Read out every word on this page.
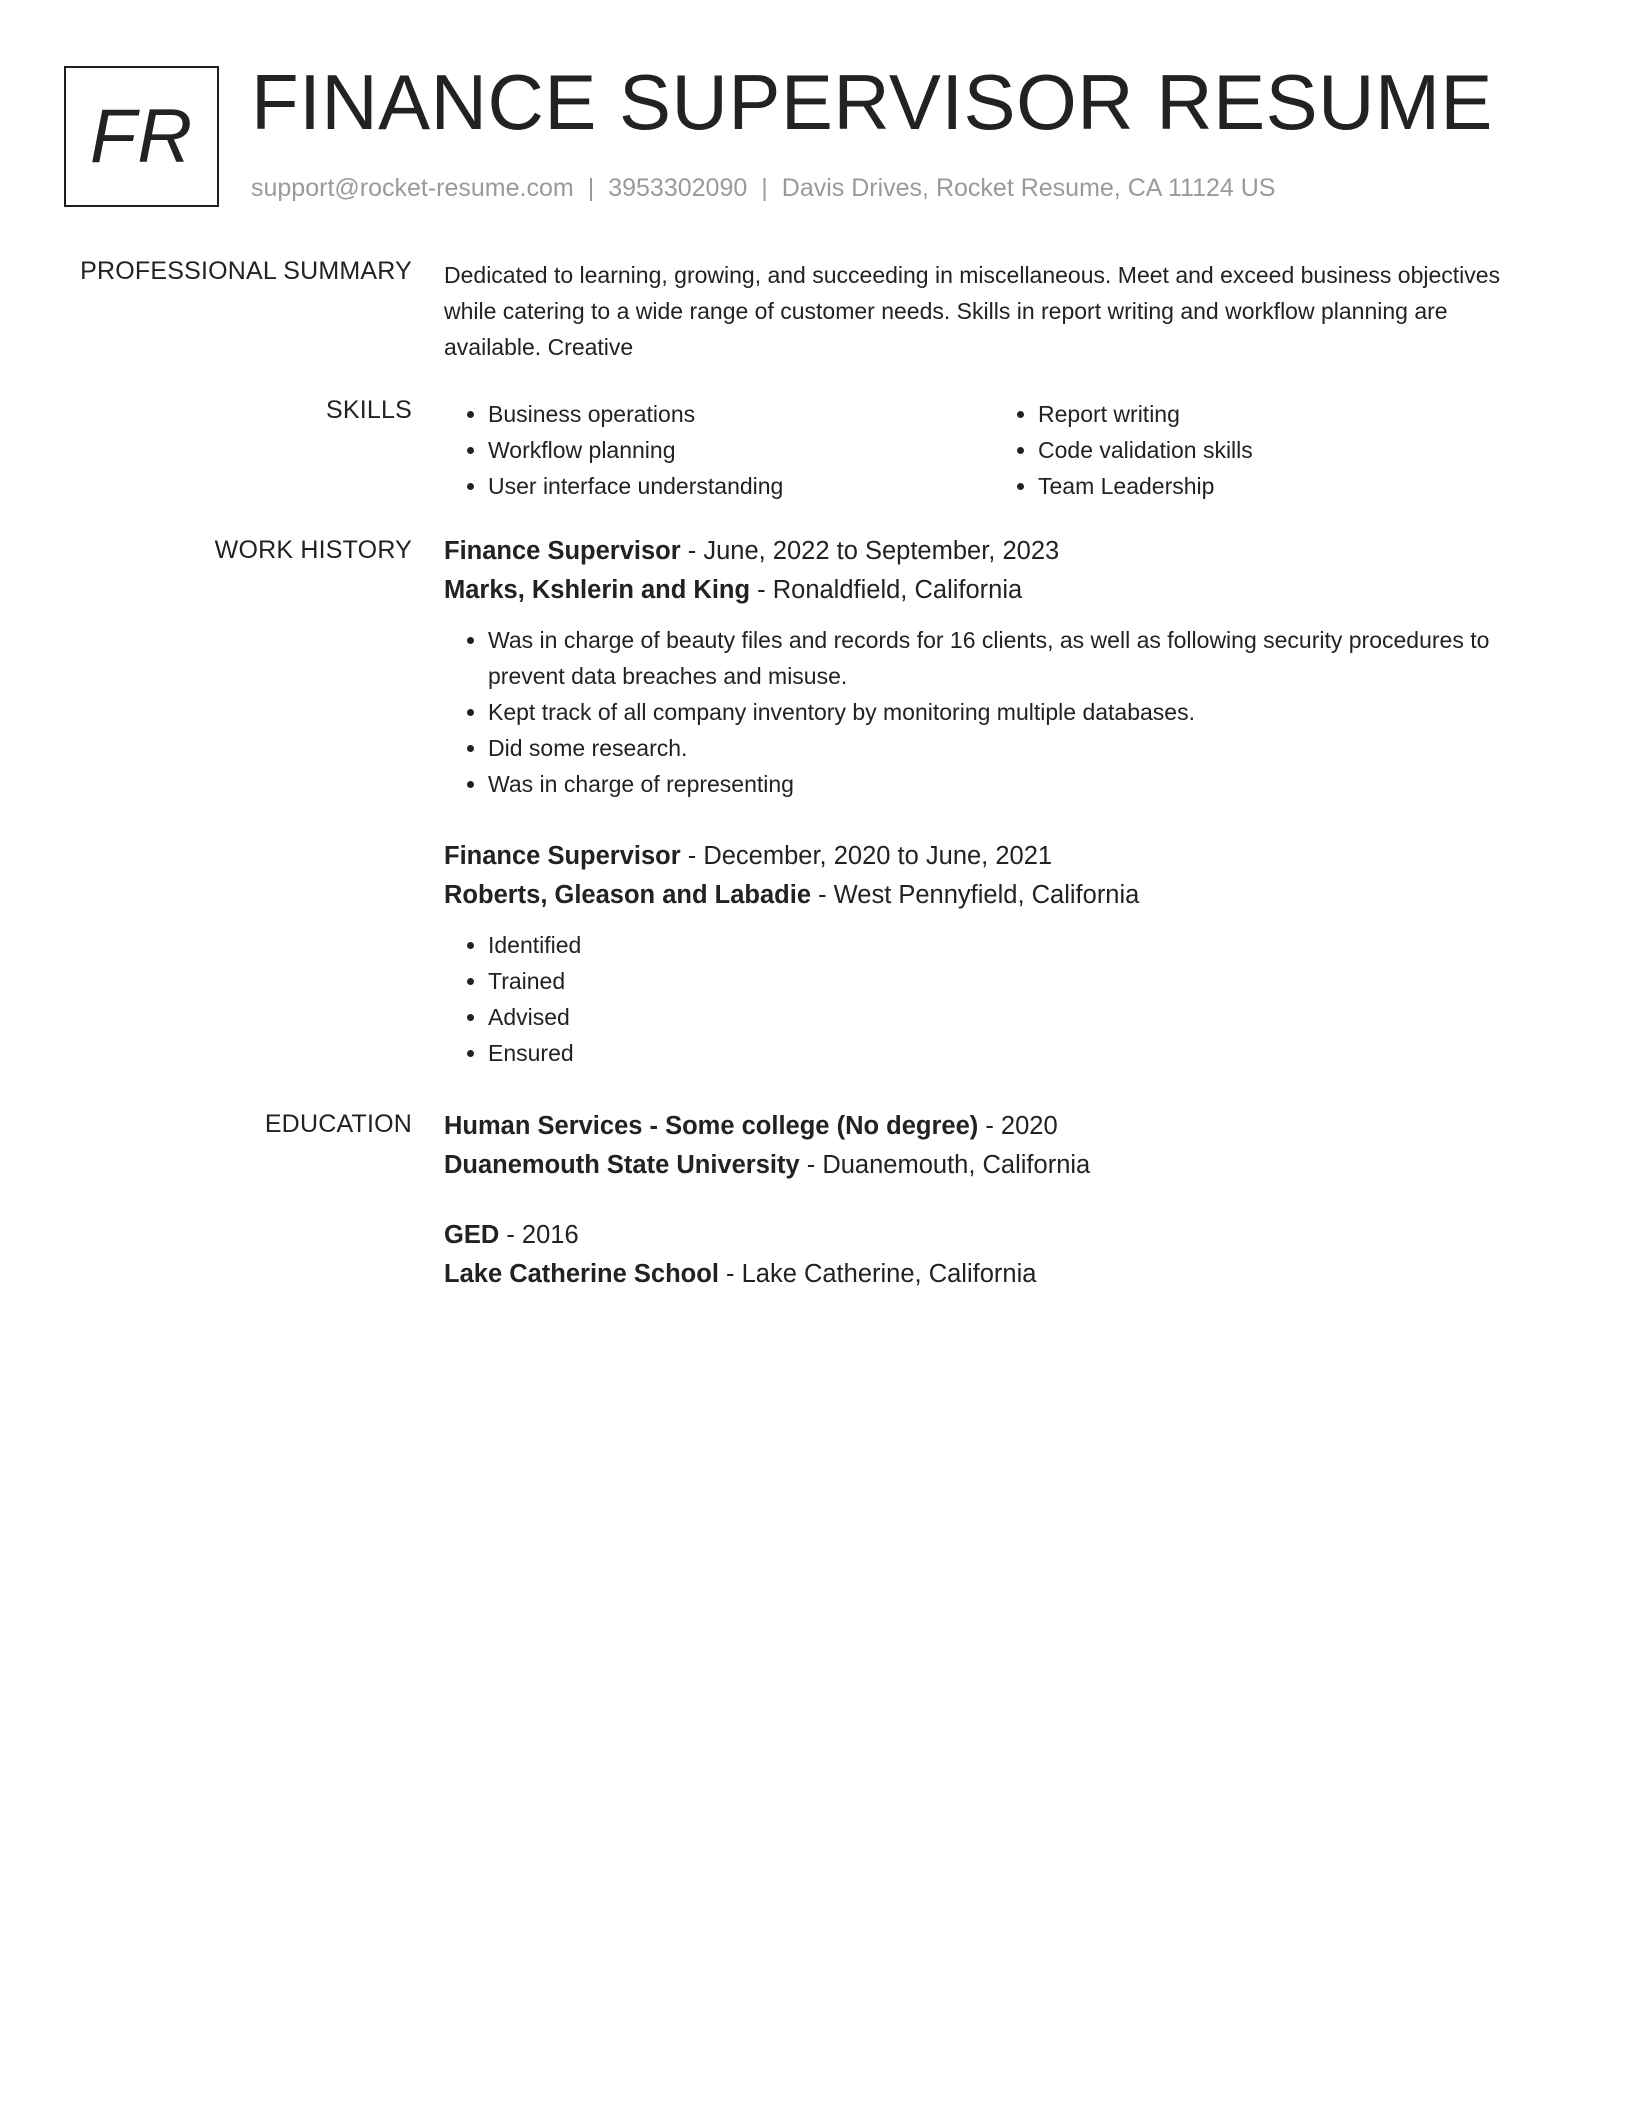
FR FINANCE SUPERVISOR RESUME
support@rocket-resume.com | 3953302090 | Davis Drives, Rocket Resume, CA 11124 US
PROFESSIONAL SUMMARY Dedicated to learning, growing, and succeeding in miscellaneous. Meet and exceed business objectives while catering to a wide range of customer needs. Skills in report writing and workflow planning are available. Creative
SKILLS
•	Business operations
• Workflow planning
• User interface understanding
• Report writing
• Code validation skills
• Team Leadership
WORK HISTORY Finance Supervisor - June, 2022 to September, 2023
Marks, Kshlerin and King - Ronaldfield, California
• Was in charge of beauty files and records for 16 clients, as well as following security procedures to prevent data breaches and misuse.
• Kept track of all company inventory by monitoring multiple databases.
• Did some research.
• Was in charge of representing
Finance Supervisor - December, 2020 to June, 2021
Roberts, Gleason and Labadie - West Pennyfield, California
• Identified
• Trained
• Advised
• Ensured
EDUCATION Human Services - Some college (No degree) - 2020
Duanemouth State University - Duanemouth, California
GED - 2016
Lake Catherine School - Lake Catherine, California
